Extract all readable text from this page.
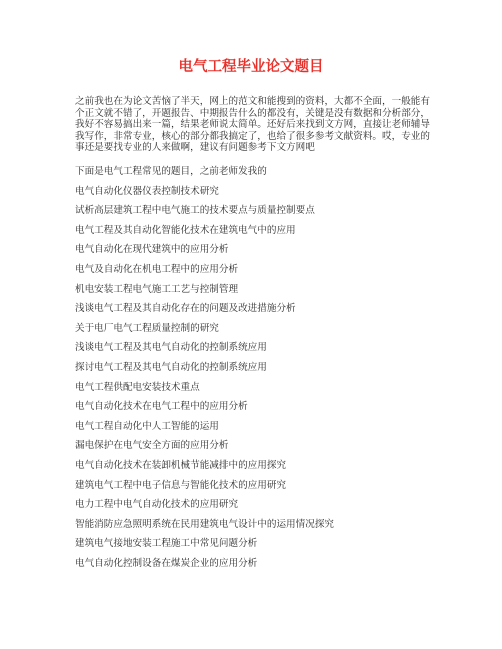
电气工程毕业论文题目

之前我也在为论文苦恼了半天，网上的范文和能搜到的资料，大都不全面，一般能有个正文就不错了，开题报告、中期报告什么的都没有，关键是没有数据和分析部分，我好不容易搞出来一篇，结果老师说太简单。还好后来找到文方网，直接让老师辅导我写作，非常专业，核心的部分都我搞定了，也给了很多参考文献资料。哎，专业的事还是要找专业的人来做啊，建议有问题参考下文方网吧

下面是电气工程常见的题目，之前老师发我的
电气自动化仪器仪表控制技术研究
试析高层建筑工程中电气施工的技术要点与质量控制要点
电气工程及其自动化智能化技术在建筑电气中的应用
电气自动化在现代建筑中的应用分析
电气及自动化在机电工程中的应用分析
机电安装工程电气施工工艺与控制管理
浅谈电气工程及其自动化存在的问题及改进措施分析
关于电厂电气工程质量控制的研究
浅谈电气工程及其电气自动化的控制系统应用
探讨电气工程及其电气自动化的控制系统应用
电气工程供配电安装技术重点
电气自动化技术在电气工程中的应用分析
电气工程自动化中人工智能的运用
漏电保护在电气安全方面的应用分析
电气自动化技术在装卸机械节能减排中的应用探究
建筑电气工程中电子信息与智能化技术的应用研究
电力工程中电气自动化技术的应用研究
智能消防应急照明系统在民用建筑电气设计中的运用情况探究
建筑电气接地安装工程施工中常见问题分析
电气自动化控制设备在煤炭企业的应用分析
